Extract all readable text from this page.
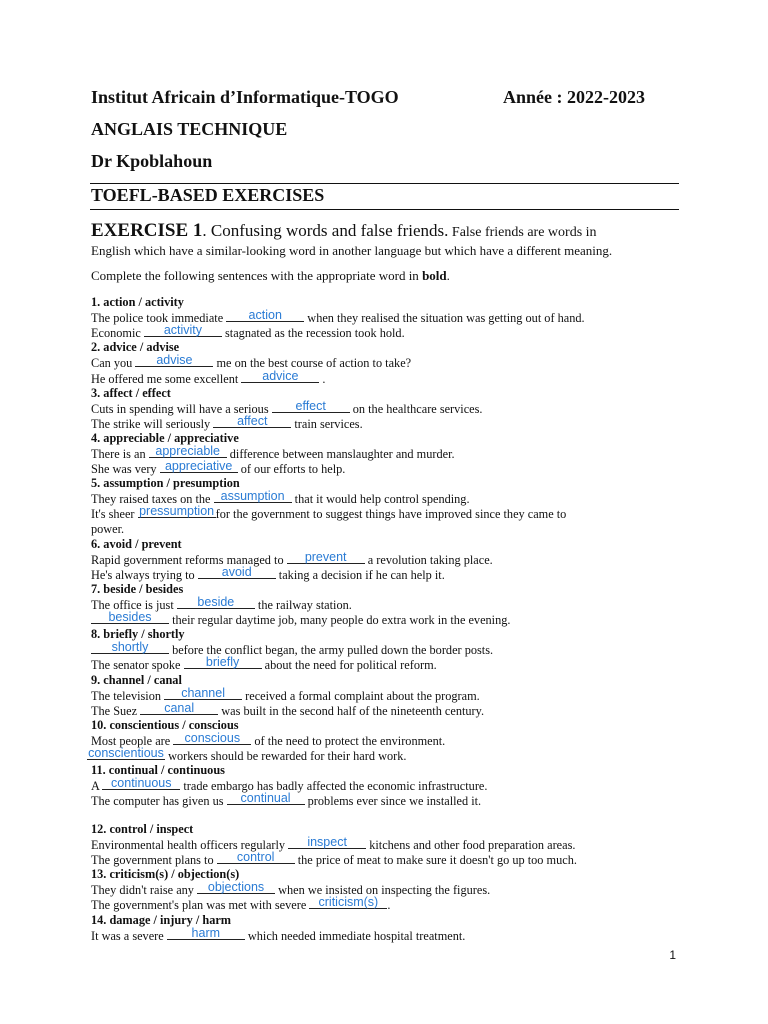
Institut Africain d’Informatique-TOGO	Année : 2022-2023
ANGLAIS TECHNIQUE
Dr Kpoblahoun
TOEFL-BASED EXERCISES
EXERCISE 1. Confusing words and false friends. False friends are words in
English which have a similar-looking word in another language but which have a different meaning.
Complete the following sentences with the appropriate word in bold.
1. action / activity
The police took immediate	action	when they realised the situation was getting out of hand.
Economic	activity	stagnated as the recession took hold.
2. advice / advise
Can you	advise	me on the best course of action to take?
He offered me some excellent	advice	.
3. affect / effect
Cuts in spending will have a serious	effect	on the healthcare services.
The strike will seriously	affect	train services.
4. appreciable / appreciative
There is an appreciable difference between manslaughter and murder.
She was very appreciative of our efforts to help.
5. assumption / presumption
They raised taxes on the assumption that it would help control spending.
It's sheer pressumption for the government to suggest things have improved since they came to
power.
6. avoid / prevent
Rapid government reforms managed to	prevent	a revolution taking place.
He's always trying to	avoid	taking a decision if he can help it.
7. beside / besides
The office is just	beside	the railway station.
besides	their regular daytime job, many people do extra work in the evening.
8. briefly / shortly
shortly	before the conflict began, the army pulled down the border posts.
The senator spoke	briefly	about the need for political reform.
9. channel / canal
The television	channel	received a formal complaint about the program.
The Suez	canal	was built in the second half of the nineteenth century.
10. conscientious / conscious
Most people are conscious of the need to protect the environment.
conscientious workers should be rewarded for their hard work.
11. continual / continuous
A continuous trade embargo has badly affected the economic infrastructure.
The computer has given us	continual	problems ever since we installed it.
12. control / inspect
Environmental health officers regularly	inspect	kitchens and other food preparation areas.
The government plans to	control	the price of meat to make sure it doesn't go up too much.
13. criticism(s) / objection(s)
They didn't raise any objections when we insisted on inspecting the figures.
The government's plan was met with severe criticism(s) .
14. damage / injury / harm
It was a severe	harm	which needed immediate hospital treatment.
1
